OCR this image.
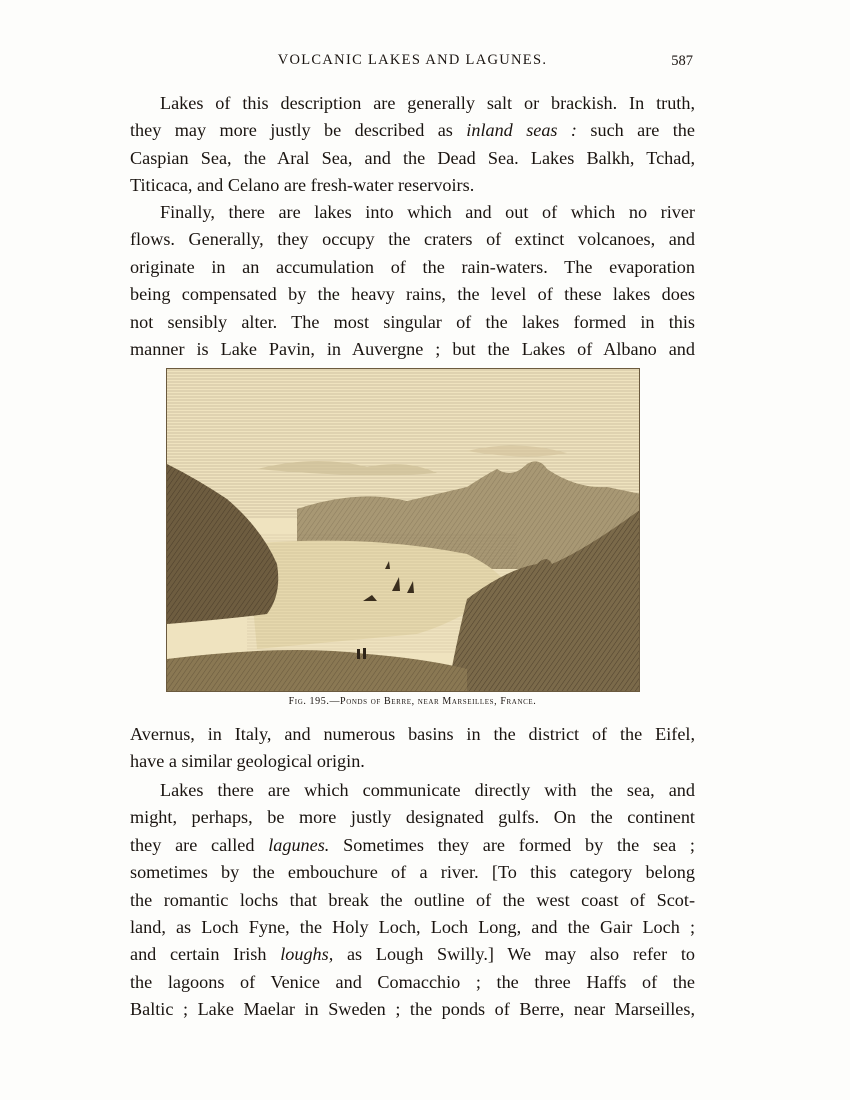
VOLCANIC LAKES AND LAGUNES.	587
Lakes of this description are generally salt or brackish. In truth,
they may more justly be described as inland seas : such are the
Caspian Sea, the Aral Sea, and the Dead Sea. Lakes Balkh, Tchad,
Titicaca, and Celano are fresh-water reservoirs.
Finally, there are lakes into which and out of which no river
flows. Generally, they occupy the craters of extinct volcanoes, and
originate in an accumulation of the rain-waters. The evaporation
being compensated by the heavy rains, the level of these lakes does
not sensibly alter. The most singular of the lakes formed in this
manner is Lake Pavin, in Auvergne ; but the Lakes of Albano and
Fig. 195.—Ponds of Berre, near Marseilles, France.
Avernus, in Italy, and numerous basins in the district of the Eifel,
have a similar geological origin.
Lakes there are which communicate directly with the sea, and
might, perhaps, be more justly designated gulfs. On the continent
they are called lagunes. Sometimes they are formed by the sea ;
sometimes by the embouchure of a river. [To this category belong
the romantic lochs that break the outline of the west coast of Scot-
land, as Loch Fyne, the Holy Loch, Loch Long, and the Gair Loch ;
and certain Irish loughs, as Lough Swilly.] We may also refer to
the lagoons of Venice and Comacchio ; the three Haffs of the
Baltic ; Lake Maelar in Sweden ; the ponds of Berre, near Marseilles,
